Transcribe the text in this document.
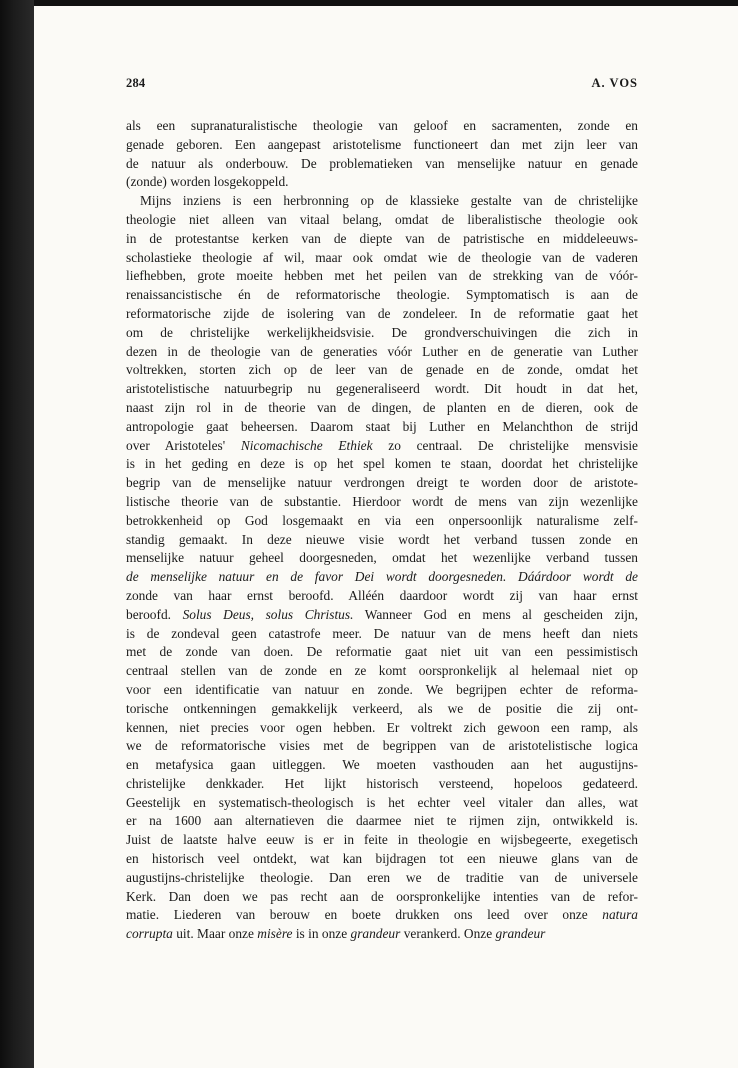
284	A. VOS
als een supranaturalistische theologie van geloof en sacramenten, zonde en
genade geboren. Een aangepast aristotelisme functioneert dan met zijn leer van
de natuur als onderbouw. De problematieken van menselijke natuur en genade
(zonde) worden losgekoppeld.
Mijns inziens is een herbronning op de klassieke gestalte van de christelijke
theologie niet alleen van vitaal belang, omdat de liberalistische theologie ook
in de protestantse kerken van de diepte van de patristische en middeleeuws-
scholastieke theologie af wil, maar ook omdat wie de theologie van de vaderen
liefhebben, grote moeite hebben met het peilen van de strekking van de vóór-
renaissancistische én de reformatorische theologie. Symptomatisch is aan de
reformatorische zijde de isolering van de zondeleer. In de reformatie gaat het
om de christelijke werkelijkheidsvisie. De grondverschuivingen die zich in
dezen in de theologie van de generaties vóór Luther en de generatie van Luther
voltrekken, storten zich op de leer van de genade en de zonde, omdat het
aristotelistische natuurbegrip nu gegeneraliseerd wordt. Dit houdt in dat het,
naast zijn rol in de theorie van de dingen, de planten en de dieren, ook de
antropologie gaat beheersen. Daarom staat bij Luther en Melanchthon de strijd
over Aristoteles' Nicomachische Ethiek zo centraal. De christelijke mensvisie
is in het geding en deze is op het spel komen te staan, doordat het christelijke
begrip van de menselijke natuur verdrongen dreigt te worden door de aristote-
listische theorie van de substantie. Hierdoor wordt de mens van zijn wezenlijke
betrokkenheid op God losgemaakt en via een onpersoonlijk naturalisme zelf-
standig gemaakt. In deze nieuwe visie wordt het verband tussen zonde en
menselijke natuur geheel doorgesneden, omdat het wezenlijke verband tussen
de menselijke natuur en de favor Dei wordt doorgesneden. Dáárdoor wordt de
zonde van haar ernst beroofd. Alléén daardoor wordt zij van haar ernst
beroofd. Solus Deus, solus Christus. Wanneer God en mens al gescheiden zijn,
is de zondeval geen catastrofe meer. De natuur van de mens heeft dan niets
met de zonde van doen. De reformatie gaat niet uit van een pessimistisch
centraal stellen van de zonde en ze komt oorspronkelijk al helemaal niet op
voor een identificatie van natuur en zonde. We begrijpen echter de reforma-
torische ontkenningen gemakkelijk verkeerd, als we de positie die zij ont-
kennen, niet precies voor ogen hebben. Er voltrekt zich gewoon een ramp, als
we de reformatorische visies met de begrippen van de aristotelistische logica
en metafysica gaan uitleggen. We moeten vasthouden aan het augustijns-
christelijke denkkader. Het lijkt historisch versteend, hopeloos gedateerd.
Geestelijk en systematisch-theologisch is het echter veel vitaler dan alles, wat
er na 1600 aan alternatieven die daarmee niet te rijmen zijn, ontwikkeld is.
Juist de laatste halve eeuw is er in feite in theologie en wijsbegeerte, exegetisch
en historisch veel ontdekt, wat kan bijdragen tot een nieuwe glans van de
augustijns-christelijke theologie. Dan eren we de traditie van de universele
Kerk. Dan doen we pas recht aan de oorspronkelijke intenties van de refor-
matie. Liederen van berouw en boete drukken ons leed over onze natura
corrupta uit. Maar onze misère is in onze grandeur verankerd. Onze grandeur
